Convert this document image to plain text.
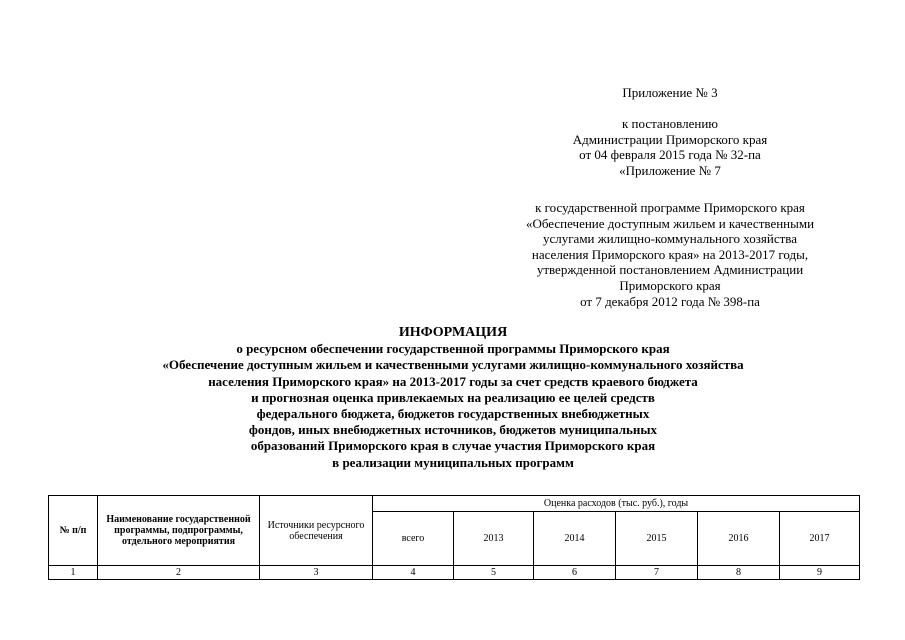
Приложение № 3
к постановлению
Администрации Приморского края
от 04 февраля 2015 года № 32-па
«Приложение № 7
к государственной программе Приморского края
«Обеспечение доступным жильем и качественными
услугами жилищно-коммунального хозяйства
населения Приморского края» на 2013-2017 годы,
утвержденной постановлением Администрации
Приморского края
от 7 декабря 2012 года № 398-па
ИНФОРМАЦИЯ
о ресурсном обеспечении государственной программы Приморского края
«Обеспечение доступным жильем и качественными услугами жилищно-коммунального хозяйства
населения Приморского края» на 2013-2017 годы за счет средств краевого бюджета
и прогнозная оценка привлекаемых на реализацию ее целей средств
федерального бюджета, бюджетов государственных внебюджетных
фондов, иных внебюджетных источников, бюджетов муниципальных
образований Приморского края в случае участия Приморского края
в реализации муниципальных программ
№ п/п	Наименование государственной программы, подпрограммы, отдельного мероприятия	Источники ресурсного обеспечения	Оценка расходов (тыс. руб.), годы					
			всего	2013	2014	2015	2016	2017
1	2	3	4	5	6	7	8	9
